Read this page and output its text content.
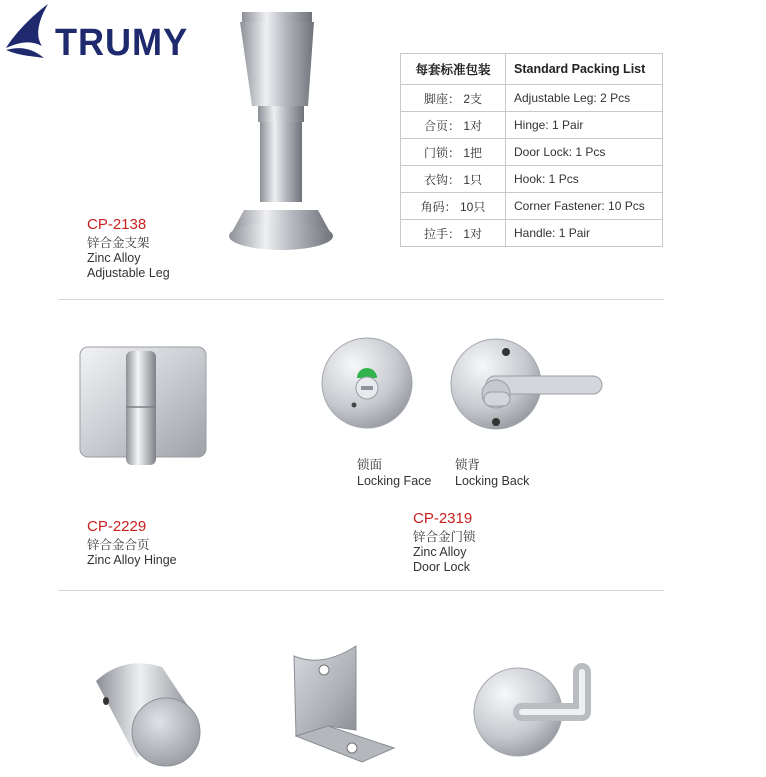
TRUMY
CP-2138
锌合金支架
Zinc Alloy
Adjustable Leg
每套标准包装	Standard Packing List
脚座： 2支	Adjustable Leg: 2 Pcs
合页： 1对	Hinge: 1 Pair
门锁： 1把	Door Lock: 1 Pcs
衣钩： 1只	Hook: 1 Pcs
角码： 10只	Corner Fastener: 10 Pcs
拉手： 1对	Handle: 1 Pair
CP-2229
锌合金合页
Zinc Alloy Hinge
锁面
Locking Face
锁背
Locking Back
CP-2319
锌合金门锁
Zinc Alloy
Door Lock
